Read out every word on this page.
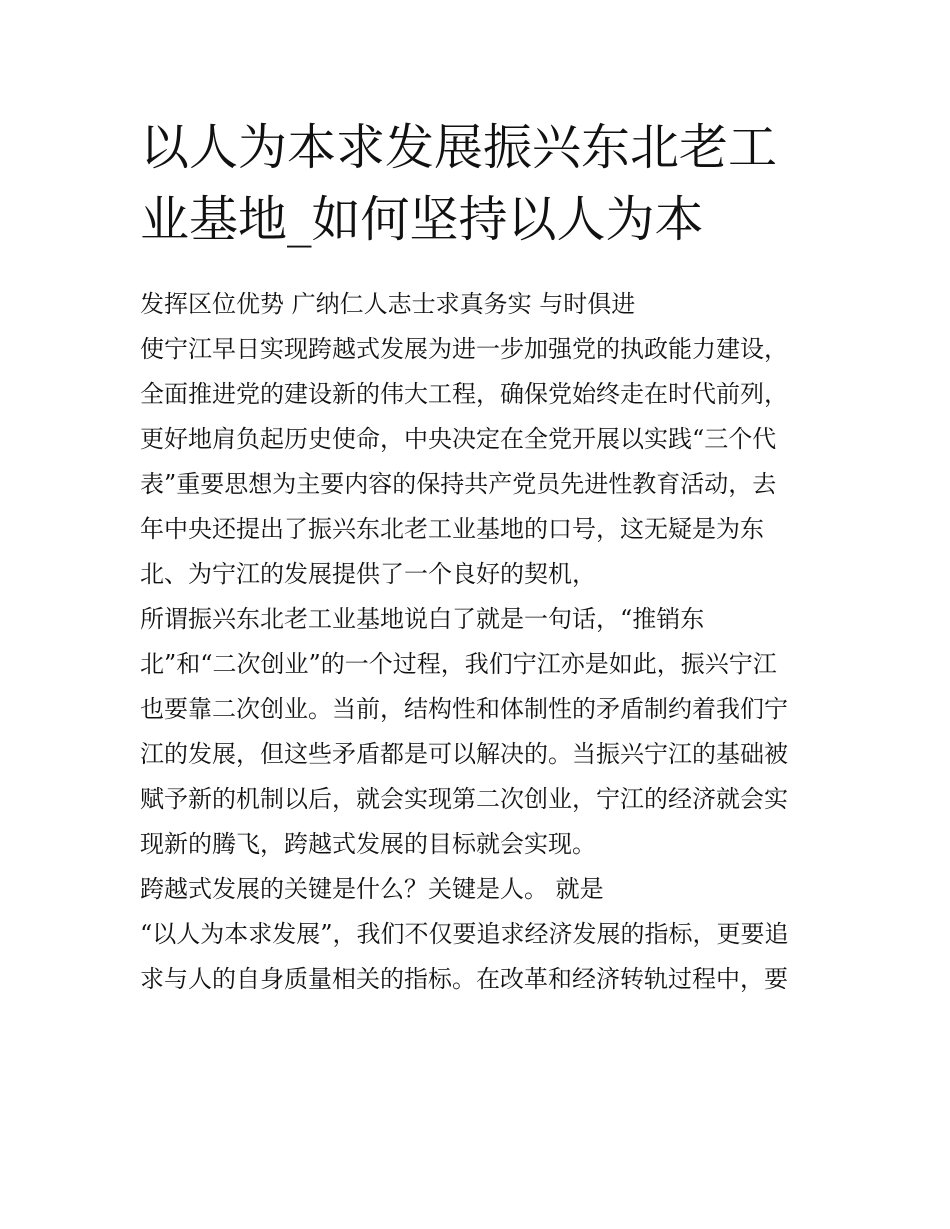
以人为本求发展振兴东北老工
业基地_如何坚持以人为本

发挥区位优势 广纳仁人志士求真务实 与时俱进

使宁江早日实现跨越式发展为进一步加强党的执政能力建设，

全面推进党的建设新的伟大工程，确保党始终走在时代前列，

更好地肩负起历史使命，中央决定在全党开展以实践“三个代

表”重要思想为主要内容的保持共产党员先进性教育活动，去

年中央还提出了振兴东北老工业基地的口号，这无疑是为东

北、为宁江的发展提供了一个良好的契机，

所谓振兴东北老工业基地说白了就是一句话，“推销东

北”和“二次创业”的一个过程，我们宁江亦是如此，振兴宁江

也要靠二次创业。当前，结构性和体制性的矛盾制约着我们宁

江的发展，但这些矛盾都是可以解决的。当振兴宁江的基础被

赋予新的机制以后，就会实现第二次创业，宁江的经济就会实

现新的腾飞，跨越式发展的目标就会实现。

跨越式发展的关键是什么？关键是人。 就是

“以人为本求发展”，我们不仅要追求经济发展的指标，更要追

求与人的自身质量相关的指标。在改革和经济转轨过程中，要
